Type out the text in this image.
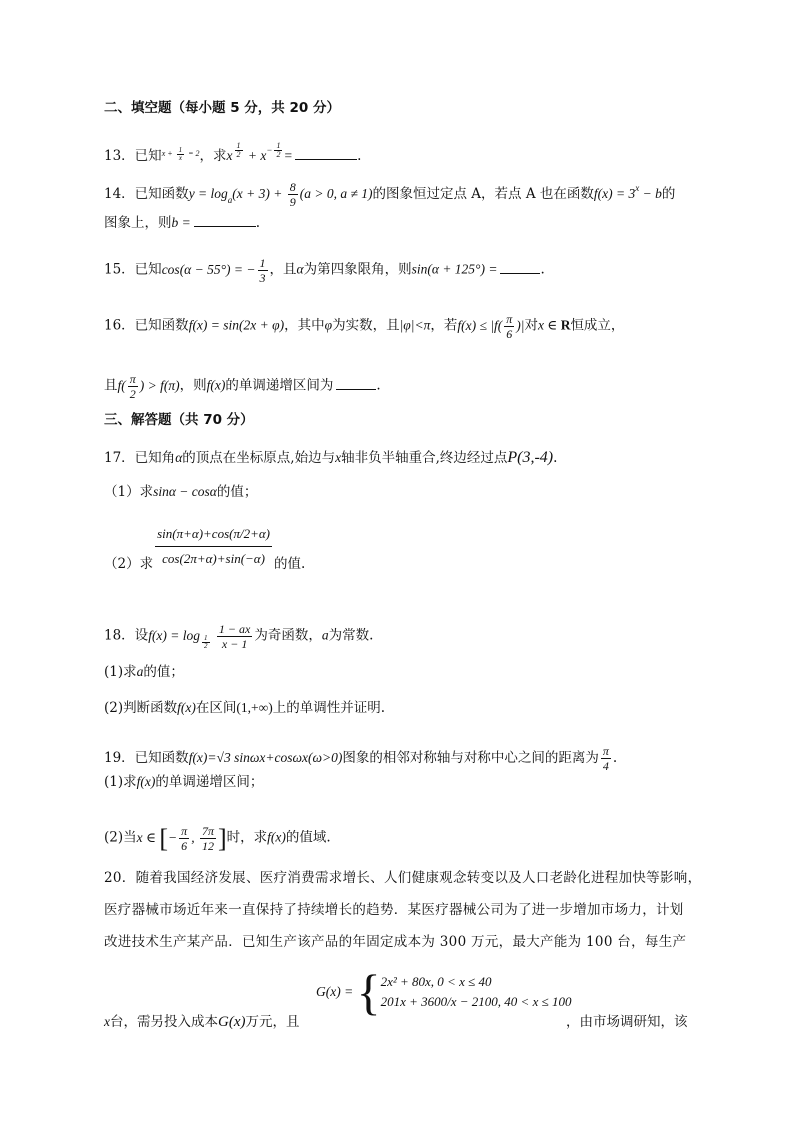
二、填空题（每小题 5 分，共 20 分）
13．已知$^{x + \frac{1}{x} = 2}$，求x $^{\frac{1}{2}} + x^{- \frac{1}{2}}$ =	.
14．已知函数$y = \log_a(x + 3) + \frac{8}{9} (a > 0$, a ≠ 1)的图象恒过定点 A，若点 A 也在函数$f(x) = 3^x - b$的
图象上，则b =	.
15．已知cos(α − 55°) = − $\frac{1}{3}$ ，且α为第四象限角，则sin(α + 125°) =	.
16．已知函数f(x) = sin(2x + φ)，其中φ为实数，且|φ|<π，若$f(x) \le |f( \frac{\pi}{6}$ )|对x ∈ R恒成立，
且$f( \frac{\pi}{2}$ ) > f(π)，则f(x)的单调递增区间为	.
三、解答题（共 70 分）
17．已知角α的顶点在坐标原点,始边与x轴非负半轴重合,终边经过点P(3,-4).
（1）求sinα − cosα的值；
（2）求 $\frac{\sin(\pi+\alpha)+\cos(\pi/2+\alpha)}{\cos(2\pi+\alpha)+\sin(-\alpha)}$ 的值.
18．设f(x) = log $_{\frac{1}{2}}$
$\frac{1 - ax}{x - 1}$ 为奇函数，a为常数.
(1)求a的值；
(2)判断函数f(x)在区间(1,+∞)上的单调性并证明.
19．已知函数f(x)=√3 sinωx+cosωx(ω>0)图象的相邻对称轴与对称中心之间的距离为 $\frac{\pi}{4}$ .
(1)求f(x)的单调递增区间；
(2)当x ∈ [− $\frac{\pi}{6}$ , $\frac{7\pi}{12}$ ]时，求f(x)的值域.
20．随着我国经济发展、医疗消费需求增长、人们健康观念转变以及人口老龄化进程加快等影响，
医疗器械市场近年来一直保持了持续增长的趋势．某医疗器械公司为了进一步增加市场力，计划
改进技术生产某产品．已知生产该产品的年固定成本为 300 万元，最大产能为 100 台，每生产
G(x) = { 2x² + 80x, 0 < x ≤ 40
201x + 3600/x − 2100, 40 < x ≤ 100
x台，需另投入成本G(x)万元，且	，由市场调研知，该
